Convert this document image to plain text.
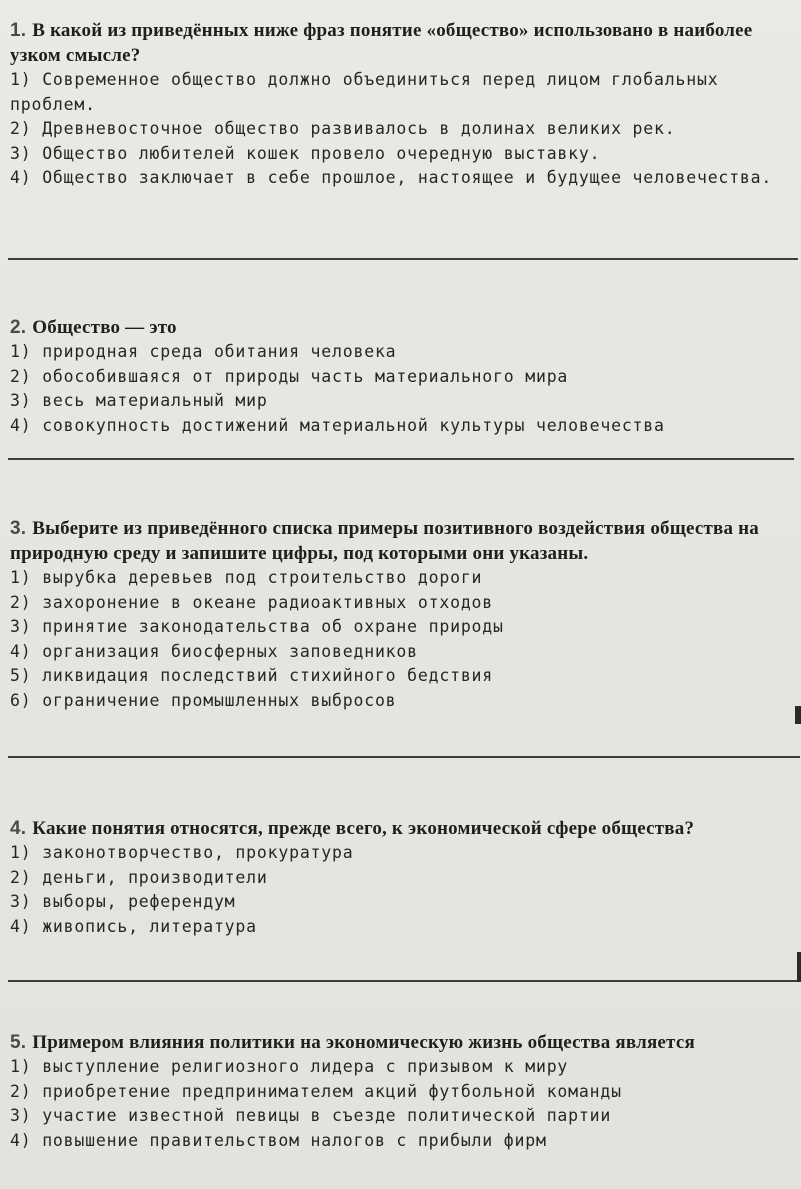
1. В какой из приведённых ниже фраз понятие «общество» использовано в наиболее узком смысле?
1) Современное общество должно объединиться перед лицом глобальных проблем.
2) Древневосточное общество развивалось в долинах великих рек.
3) Общество любителей кошек провело очередную выставку.
4) Общество заключает в себе прошлое, настоящее и будущее человечества.
2. Общество — это
1) природная среда обитания человека
2) обособившаяся от природы часть материального мира
3) весь материальный мир
4) совокупность достижений материальной культуры человечества
3. Выберите из приведённого списка примеры позитивного воздействия общества на природную среду и запишите цифры, под которыми они указаны.
1) вырубка деревьев под строительство дороги
2) захоронение в океане радиоактивных отходов
3) принятие законодательства об охране природы
4) организация биосферных заповедников
5) ликвидация последствий стихийного бедствия
6) ограничение промышленных выбросов
4. Какие понятия относятся, прежде всего, к экономической сфере общества?
1) законотворчество, прокуратура
2) деньги, производители
3) выборы, референдум
4) живопись, литература
5. Примером влияния политики на экономическую жизнь общества является
1) выступление религиозного лидера с призывом к миру
2) приобретение предпринимателем акций футбольной команды
3) участие известной певицы в съезде политической партии
4) повышение правительством налогов с прибыли фирм
